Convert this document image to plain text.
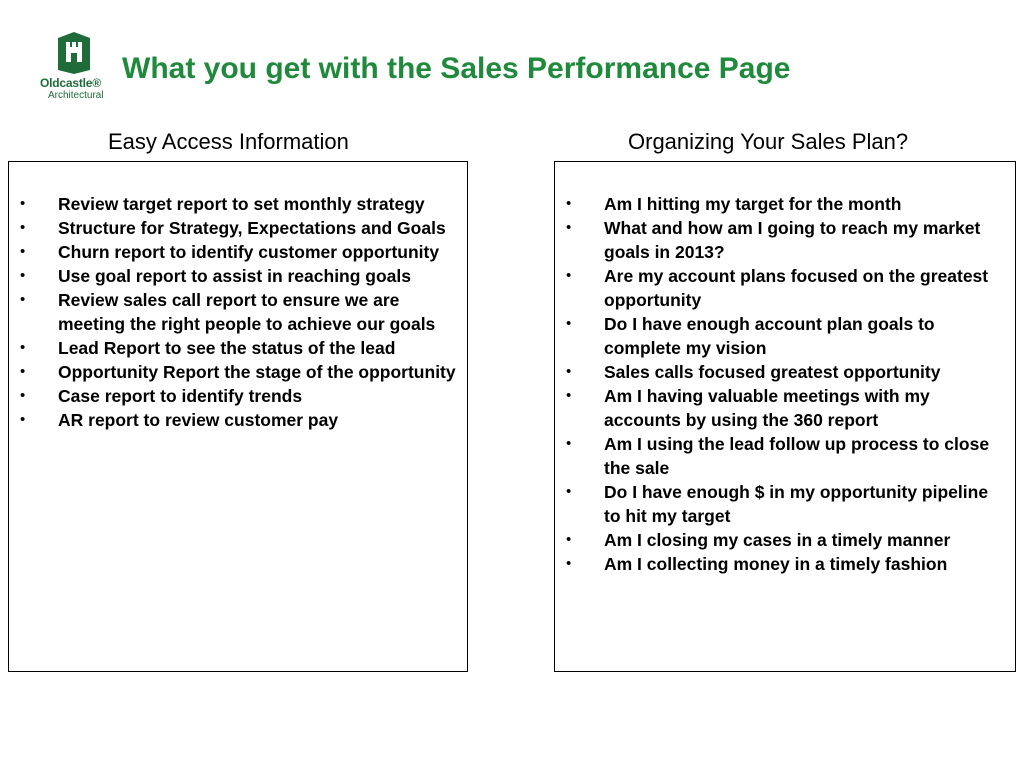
Oldcastle®
Architectural
What you get with the Sales Performance Page
Easy Access Information	Organizing Your Sales Plan?
• Review target report to set monthly strategy
• Structure for Strategy, Expectations and Goals
• Churn report to identify customer opportunity
• Use goal report to assist in reaching goals
• Review sales call report to ensure we are meeting the right people to achieve our goals
• Lead Report to see the status of the lead
• Opportunity Report the stage of the opportunity
• Case report to identify trends
• AR report to review customer pay
• Am I hitting my target for the month
• What and how am I going to reach my market goals in 2013?
• Are my account plans focused on the greatest opportunity
• Do I have enough account plan goals to complete my vision
• Sales calls focused greatest opportunity
• Am I having valuable meetings with my accounts by using the 360 report
• Am I using the lead follow up process to close the sale
• Do I have enough $ in my opportunity pipeline to hit my target
• Am I closing my cases in a timely manner
• Am I collecting money in a timely fashion
